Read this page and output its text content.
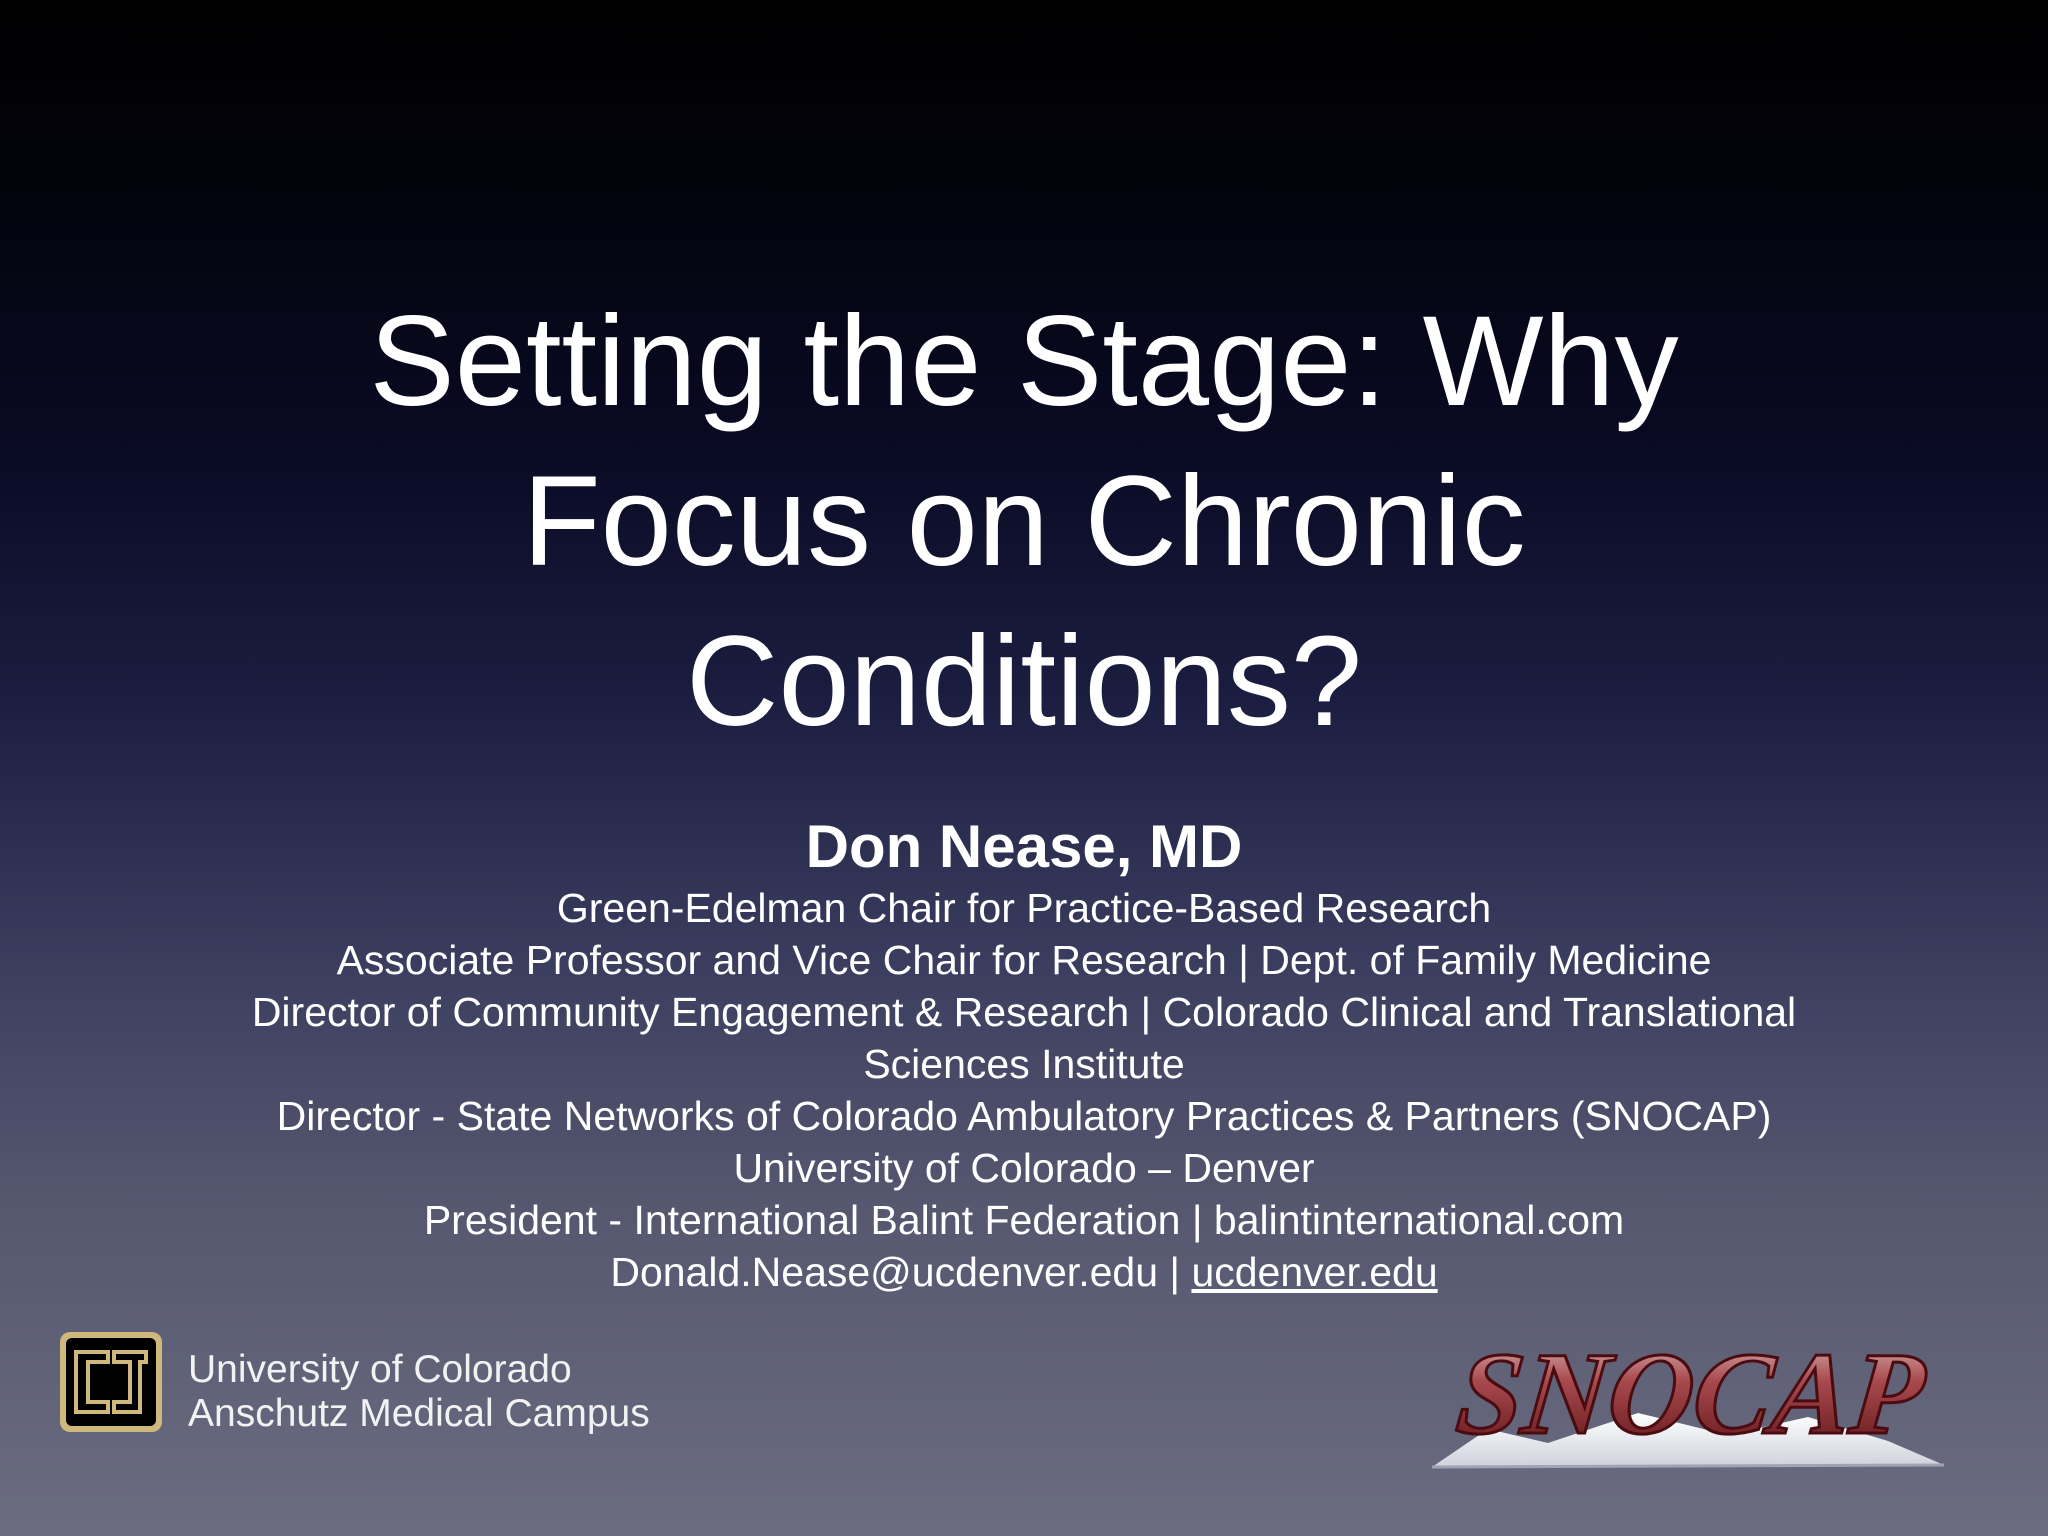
Setting the Stage: Why
Focus on Chronic
Conditions?
Don Nease, MD
Green-Edelman Chair for Practice-Based Research
Associate Professor and Vice Chair for Research | Dept. of Family Medicine
Director of Community Engagement & Research | Colorado Clinical and Translational
Sciences Institute
Director - State Networks of Colorado Ambulatory Practices & Partners (SNOCAP)
University of Colorado – Denver
President - International Balint Federation | balintinternational.com
Donald.Nease@ucdenver.edu | ucdenver.edu
University of Colorado
Anschutz Medical Campus	SNOCAP
